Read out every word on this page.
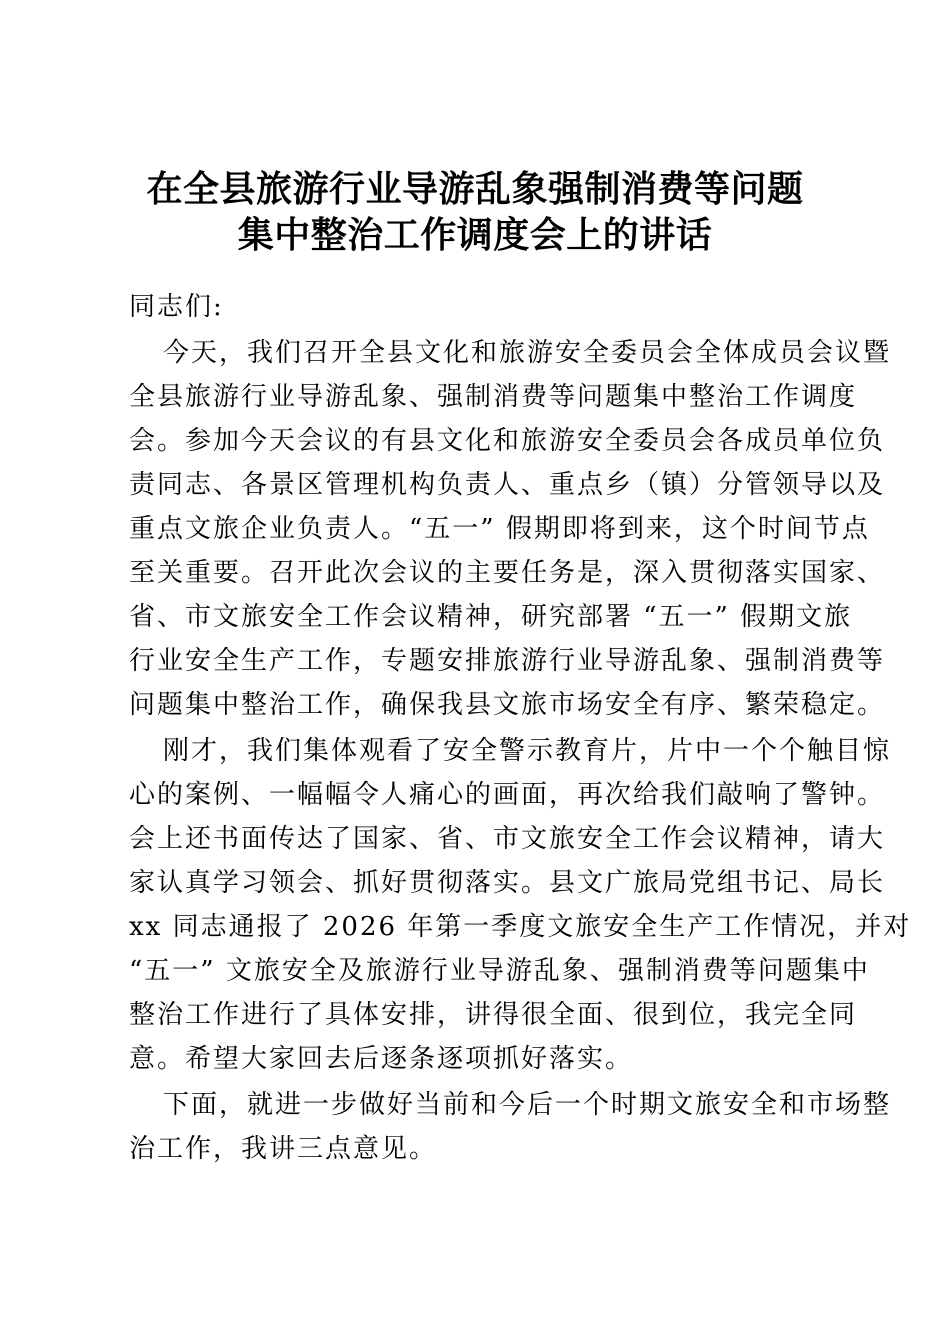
在全县旅游行业导游乱象强制消费等问题
集中整治工作调度会上的讲话
同志们:
今天，我们召开全县文化和旅游安全委员会全体成员会议暨
全县旅游行业导游乱象、强制消费等问题集中整治工作调度
会。参加今天会议的有县文化和旅游安全委员会各成员单位负
责同志、各景区管理机构负责人、重点乡（镇）分管领导以及
重点文旅企业负责人。“五一” 假期即将到来，这个时间节点
至关重要。召开此次会议的主要任务是，深入贯彻落实国家、
省、市文旅安全工作会议精神，研究部署 “五一” 假期文旅
行业安全生产工作，专题安排旅游行业导游乱象、强制消费等
问题集中整治工作，确保我县文旅市场安全有序、繁荣稳定。
刚才，我们集体观看了安全警示教育片，片中一个个触目惊
心的案例、一幅幅令人痛心的画面，再次给我们敲响了警钟。
会上还书面传达了国家、省、市文旅安全工作会议精神，请大
家认真学习领会、抓好贯彻落实。县文广旅局党组书记、局长
xx 同志通报了 2026 年第一季度文旅安全生产工作情况，并对
“五一” 文旅安全及旅游行业导游乱象、强制消费等问题集中
整治工作进行了具体安排，讲得很全面、很到位，我完全同
意。希望大家回去后逐条逐项抓好落实。
下面，就进一步做好当前和今后一个时期文旅安全和市场整
治工作，我讲三点意见。
